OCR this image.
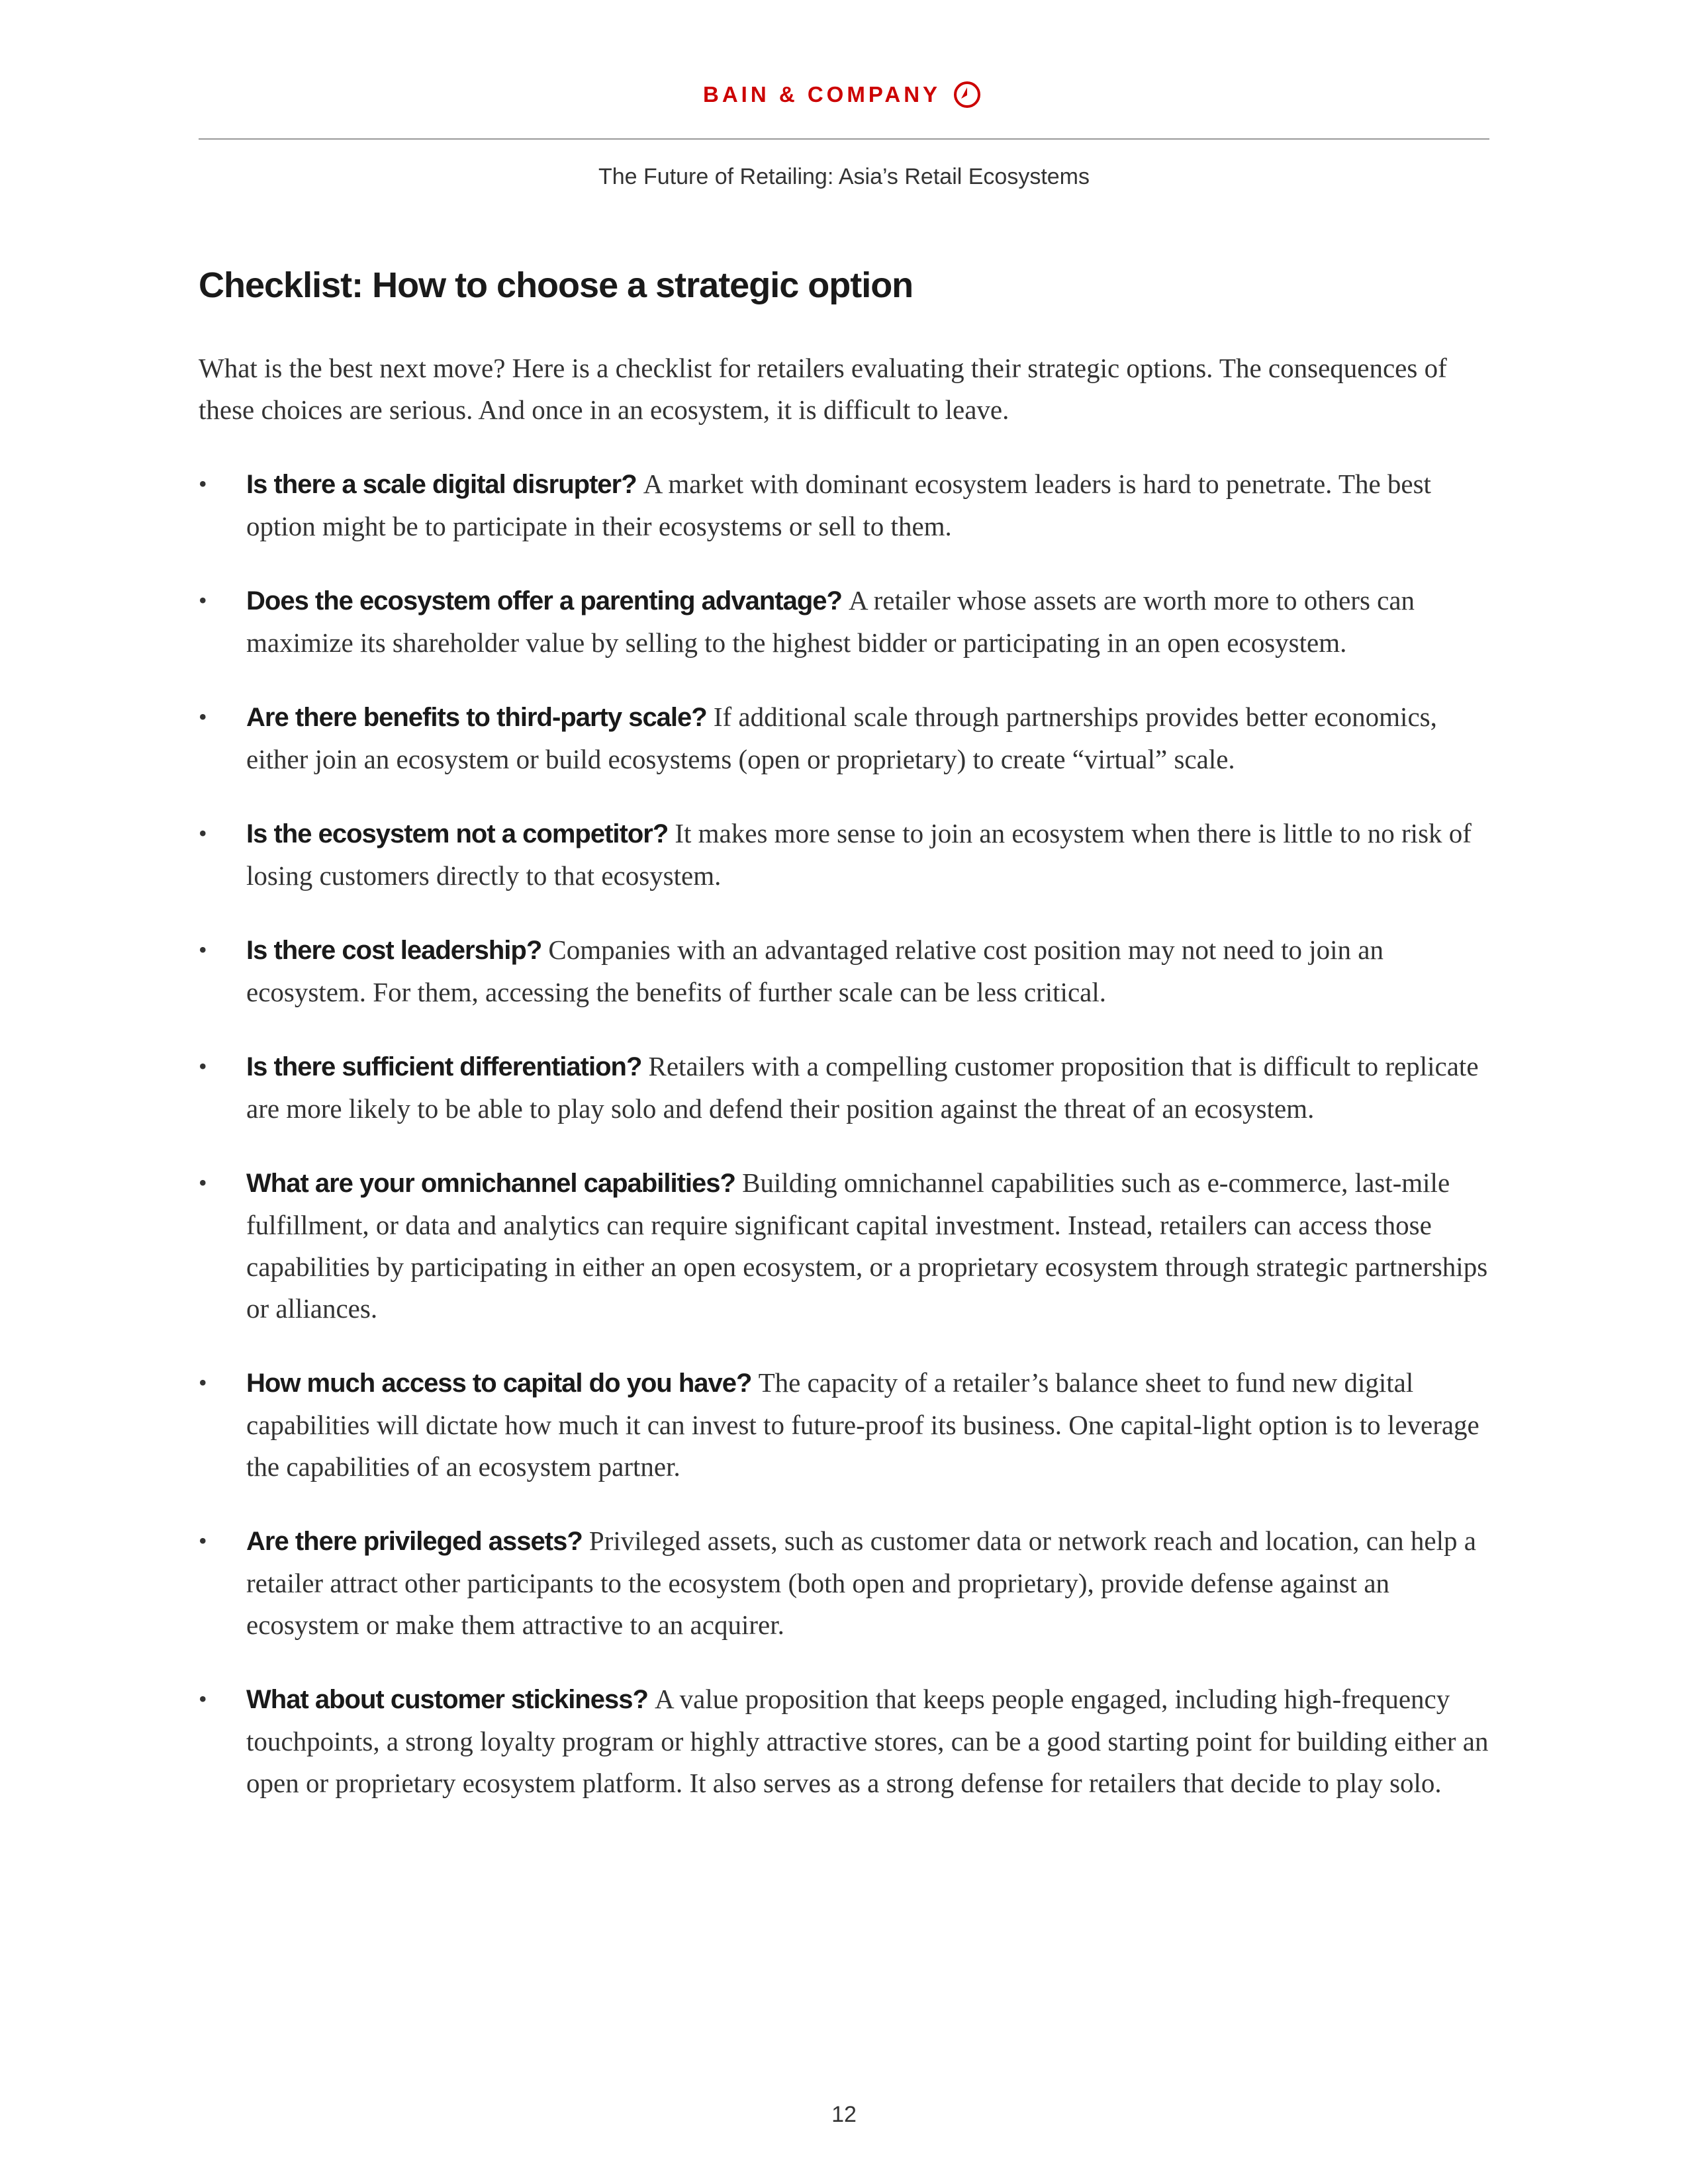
BAIN & COMPANY
The Future of Retailing: Asia’s Retail Ecosystems
Checklist: How to choose a strategic option

What is the best next move? Here is a checklist for retailers evaluating their strategic options. The consequences of these choices are serious. And once in an ecosystem, it is difficult to leave.

• Is there a scale digital disrupter? A market with dominant ecosystem leaders is hard to penetrate. The best option might be to participate in their ecosystems or sell to them.
• Does the ecosystem offer a parenting advantage? A retailer whose assets are worth more to others can maximize its shareholder value by selling to the highest bidder or participating in an open ecosystem.
• Are there benefits to third-party scale? If additional scale through partnerships provides better economics, either join an ecosystem or build ecosystems (open or proprietary) to create “virtual” scale.
• Is the ecosystem not a competitor? It makes more sense to join an ecosystem when there is little to no risk of losing customers directly to that ecosystem.
• Is there cost leadership? Companies with an advantaged relative cost position may not need to join an ecosystem. For them, accessing the benefits of further scale can be less critical.
• Is there sufficient differentiation? Retailers with a compelling customer proposition that is difficult to replicate are more likely to be able to play solo and defend their position against the threat of an ecosystem.
• What are your omnichannel capabilities? Building omnichannel capabilities such as e-commerce, last-mile fulfillment, or data and analytics can require significant capital investment. Instead, retailers can access those capabilities by participating in either an open ecosystem, or a proprietary ecosystem through strategic partnerships or alliances.
• How much access to capital do you have? The capacity of a retailer’s balance sheet to fund new digital capabilities will dictate how much it can invest to future-proof its business. One capital-light option is to leverage the capabilities of an ecosystem partner.
• Are there privileged assets? Privileged assets, such as customer data or network reach and location, can help a retailer attract other participants to the ecosystem (both open and proprietary), provide defense against an ecosystem or make them attractive to an acquirer.
• What about customer stickiness? A value proposition that keeps people engaged, including high-frequency touchpoints, a strong loyalty program or highly attractive stores, can be a good starting point for building either an open or proprietary ecosystem platform. It also serves as a strong defense for retailers that decide to play solo.
12
